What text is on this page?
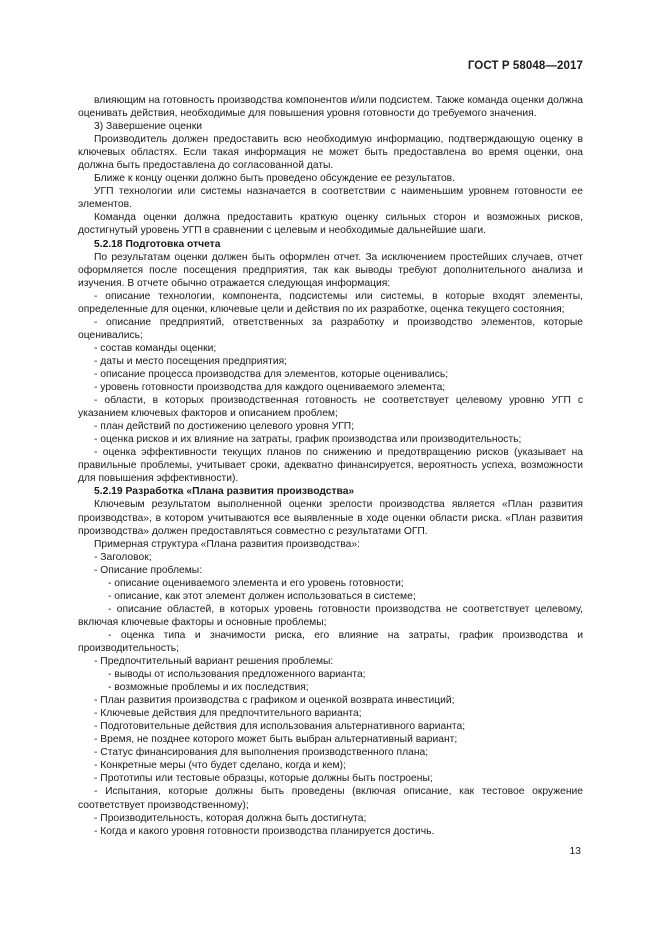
ГОСТ Р 58048—2017

влияющим на готовность производства компонентов и/или подсистем. Также команда оценки должна оценивать действия, необходимые для повышения уровня готовности до требуемого значения.

3) Завершение оценки

Производитель должен предоставить всю необходимую информацию, подтверждающую оценку в ключевых областях. Если такая информация не может быть предоставлена во время оценки, она должна быть предоставлена до согласованной даты.

Ближе к концу оценки должно быть проведено обсуждение ее результатов.

УГП технологии или системы назначается в соответствии с наименьшим уровнем готовности ее элементов.

Команда оценки должна предоставить краткую оценку сильных сторон и возможных рисков, достигнутый уровень УГП в сравнении с целевым и необходимые дальнейшие шаги.

5.2.18 Подготовка отчета

По результатам оценки должен быть оформлен отчет. За исключением простейших случаев, отчет оформляется после посещения предприятия, так как выводы требуют дополнительного анализа и изучения. В отчете обычно отражается следующая информация:

- описание технологии, компонента, подсистемы или системы, в которые входят элементы, определенные для оценки, ключевые цели и действия по их разработке, оценка текущего состояния;

- описание предприятий, ответственных за разработку и производство элементов, которые оценивались;

- состав команды оценки;

- даты и место посещения предприятия;

- описание процесса производства для элементов, которые оценивались;

- уровень готовности производства для каждого оцениваемого элемента;

- области, в которых производственная готовность не соответствует целевому уровню УГП с указанием ключевых факторов и описанием проблем;

- план действий по достижению целевого уровня УГП;

- оценка рисков и их влияние на затраты, график производства или производительность;

- оценка эффективности текущих планов по снижению и предотвращению рисков (указывает на правильные проблемы, учитывает сроки, адекватно финансируется, вероятность успеха, возможности для повышения эффективности).

5.2.19 Разработка «Плана развития производства»

Ключевым результатом выполненной оценки зрелости производства является «План развития производства», в котором учитываются все выявленные в ходе оценки области риска. «План развития производства» должен предоставляться совместно с результатами ОГП.

Примерная структура «Плана развития производства»:

- Заголовок;

- Описание проблемы:

- описание оцениваемого элемента и его уровень готовности;

- описание, как этот элемент должен использоваться в системе;

- описание областей, в которых уровень готовности производства не соответствует целевому, включая ключевые факторы и основные проблемы;

- оценка типа и значимости риска, его влияние на затраты, график производства и производительность;

- Предпочтительный вариант решения проблемы:

- выводы от использования предложенного варианта;

- возможные проблемы и их последствия;

- План развития производства с графиком и оценкой возврата инвестиций;

- Ключевые действия для предпочтительного варианта;

- Подготовительные действия для использования альтернативного варианта;

- Время, не позднее которого может быть выбран альтернативный вариант;

- Статус финансирования для выполнения производственного плана;

- Конкретные меры (что будет сделано, когда и кем);

- Прототипы или тестовые образцы, которые должны быть построены;

- Испытания, которые должны быть проведены (включая описание, как тестовое окружение соответствует производственному);

- Производительность, которая должна быть достигнута;

- Когда и какого уровня готовности производства планируется достичь.

13
